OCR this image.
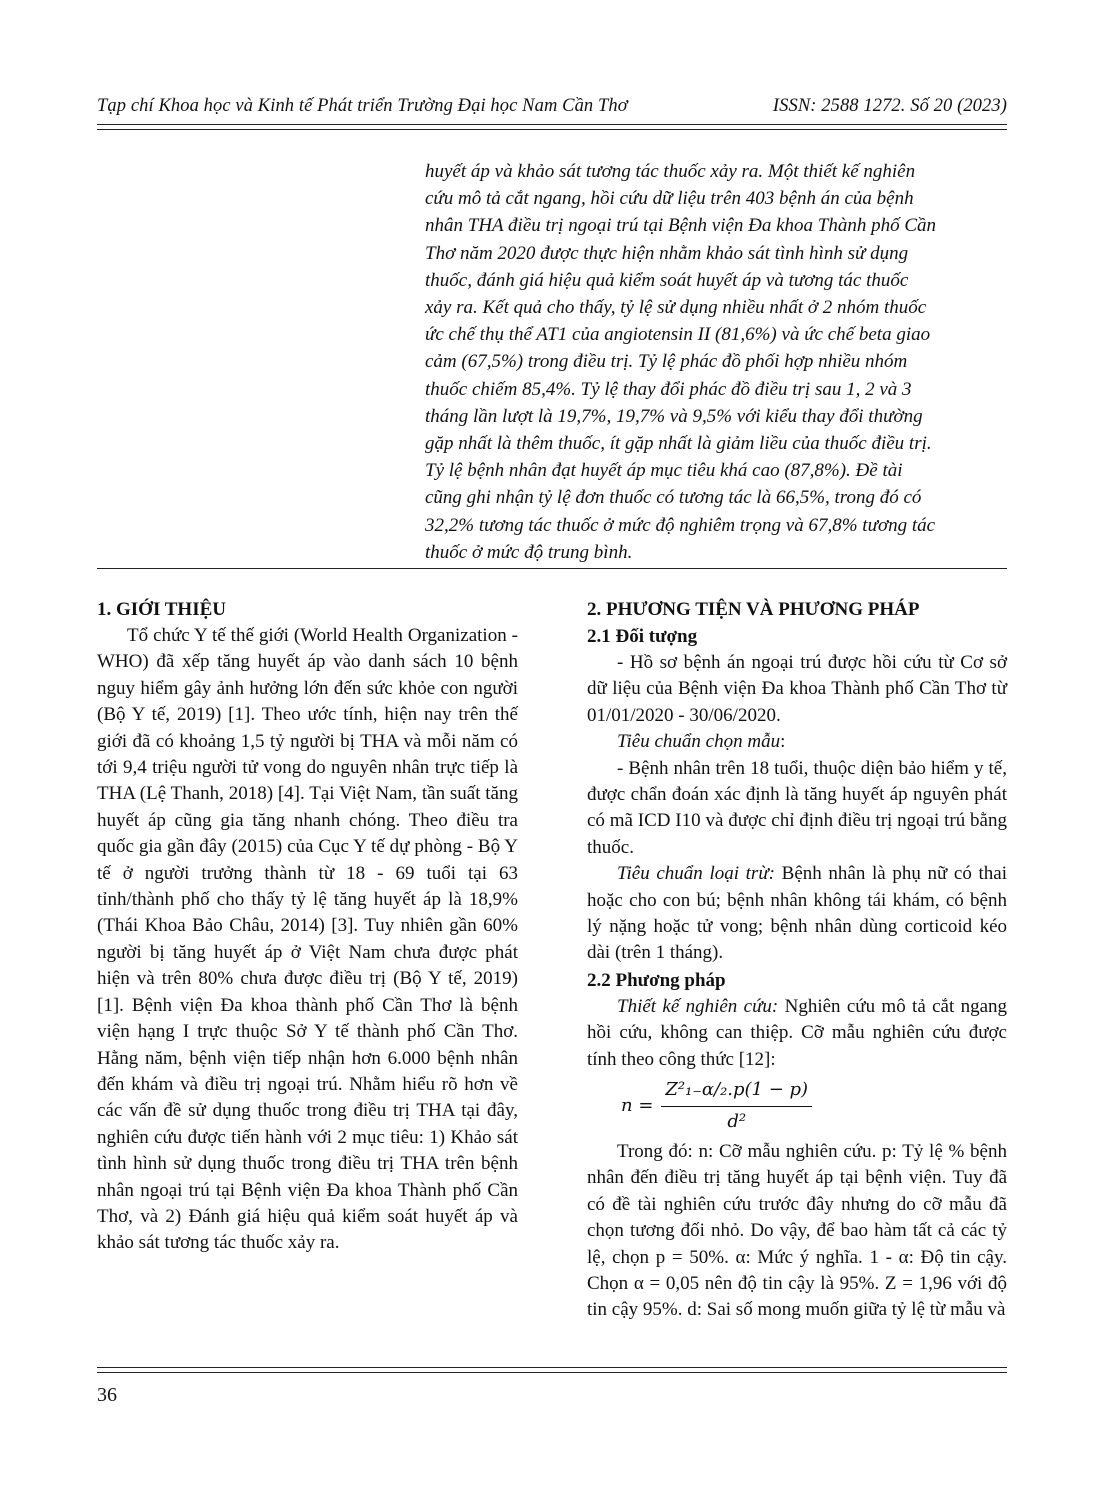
Tạp chí Khoa học và Kinh tế Phát triển Trường Đại học Nam Cần Thơ	ISSN: 2588 1272. Số 20 (2023)
huyết áp và khảo sát tương tác thuốc xảy ra. Một thiết kế nghiên
cứu mô tả cắt ngang, hồi cứu dữ liệu trên 403 bệnh án của bệnh
nhân THA điều trị ngoại trú tại Bệnh viện Đa khoa Thành phố Cần
Thơ năm 2020 được thực hiện nhằm khảo sát tình hình sử dụng
thuốc, đánh giá hiệu quả kiểm soát huyết áp và tương tác thuốc
xảy ra. Kết quả cho thấy, tỷ lệ sử dụng nhiều nhất ở 2 nhóm thuốc
ức chế thụ thể AT1 của angiotensin II (81,6%) và ức chế beta giao
cảm (67,5%) trong điều trị. Tỷ lệ phác đồ phối hợp nhiều nhóm
thuốc chiếm 85,4%. Tỷ lệ thay đổi phác đồ điều trị sau 1, 2 và 3
tháng lần lượt là 19,7%, 19,7% và 9,5% với kiểu thay đổi thường
gặp nhất là thêm thuốc, ít gặp nhất là giảm liều của thuốc điều trị.
Tỷ lệ bệnh nhân đạt huyết áp mục tiêu khá cao (87,8%). Đề tài
cũng ghi nhận tỷ lệ đơn thuốc có tương tác là 66,5%, trong đó có
32,2% tương tác thuốc ở mức độ nghiêm trọng và 67,8% tương tác
thuốc ở mức độ trung bình.
1. GIỚI THIỆU

Tổ chức Y tế thế giới (World Health Organization - WHO) đã xếp tăng huyết áp vào danh sách 10 bệnh nguy hiểm gây ảnh hưởng lớn đến sức khỏe con người (Bộ Y tế, 2019) [1]. Theo ước tính, hiện nay trên thế giới đã có khoảng 1,5 tỷ người bị THA và mỗi năm có tới 9,4 triệu người tử vong do nguyên nhân trực tiếp là THA (Lệ Thanh, 2018) [4]. Tại Việt Nam, tần suất tăng huyết áp cũng gia tăng nhanh chóng. Theo điều tra quốc gia gần đây (2015) của Cục Y tế dự phòng - Bộ Y tế ở người trưởng thành từ 18 - 69 tuổi tại 63 tỉnh/thành phố cho thấy tỷ lệ tăng huyết áp là 18,9% (Thái Khoa Bảo Châu, 2014) [3]. Tuy nhiên gần 60% người bị tăng huyết áp ở Việt Nam chưa được phát hiện và trên 80% chưa được điều trị (Bộ Y tế, 2019) [1]. Bệnh viện Đa khoa thành phố Cần Thơ là bệnh viện hạng I trực thuộc Sở Y tế thành phố Cần Thơ. Hằng năm, bệnh viện tiếp nhận hơn 6.000 bệnh nhân đến khám và điều trị ngoại trú. Nhằm hiểu rõ hơn về các vấn đề sử dụng thuốc trong điều trị THA tại đây, nghiên cứu được tiến hành với 2 mục tiêu: 1) Khảo sát tình hình sử dụng thuốc trong điều trị THA trên bệnh nhân ngoại trú tại Bệnh viện Đa khoa Thành phố Cần Thơ, và 2) Đánh giá hiệu quả kiểm soát huyết áp và khảo sát tương tác thuốc xảy ra.

2. PHƯƠNG TIỆN VÀ PHƯƠNG PHÁP
2.1 Đối tượng

- Hồ sơ bệnh án ngoại trú được hồi cứu từ Cơ sở dữ liệu của Bệnh viện Đa khoa Thành phố Cần Thơ từ 01/01/2020 - 30/06/2020.

Tiêu chuẩn chọn mẫu:

- Bệnh nhân trên 18 tuổi, thuộc diện bảo hiểm y tế, được chẩn đoán xác định là tăng huyết áp nguyên phát có mã ICD I10 và được chỉ định điều trị ngoại trú bằng thuốc.

Tiêu chuẩn loại trừ: Bệnh nhân là phụ nữ có thai hoặc cho con bú; bệnh nhân không tái khám, có bệnh lý nặng hoặc tử vong; bệnh nhân dùng corticoid kéo dài (trên 1 tháng).

2.2 Phương pháp

Thiết kế nghiên cứu: Nghiên cứu mô tả cắt ngang hồi cứu, không can thiệp. Cỡ mẫu nghiên cứu được tính theo công thức [12]:

$n = \frac{\text{Z²₁₋α/₂.p(1 − p)}}{\text{d²}}$

Trong đó: n: Cỡ mẫu nghiên cứu. p: Tỷ lệ % bệnh nhân đến điều trị tăng huyết áp tại bệnh viện. Tuy đã có đề tài nghiên cứu trước đây nhưng do cỡ mẫu đã chọn tương đối nhỏ. Do vậy, để bao hàm tất cả các tỷ lệ, chọn p = 50%. α: Mức ý nghĩa. 1 - α: Độ tin cậy. Chọn α = 0,05 nên độ tin cậy là 95%. Z = 1,96 với độ tin cậy 95%. d: Sai số mong muốn giữa tỷ lệ từ mẫu và

36
